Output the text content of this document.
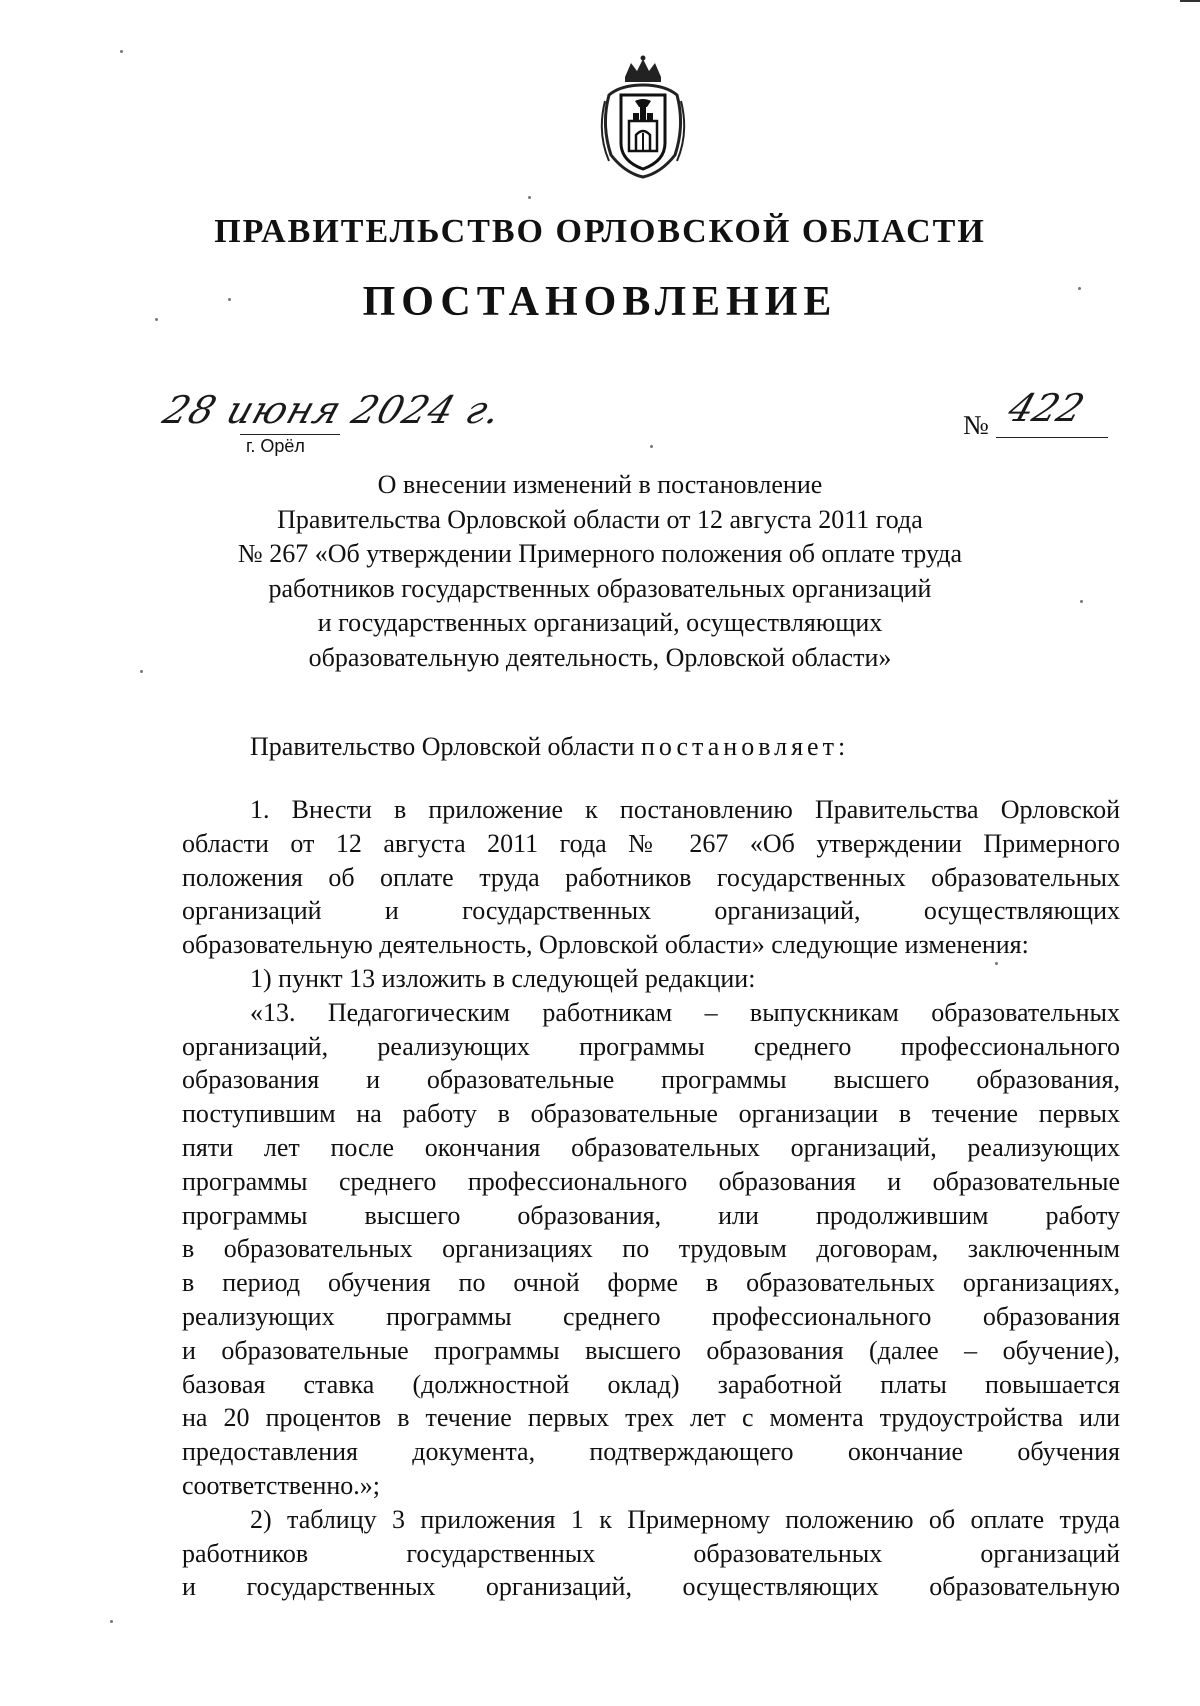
ПРАВИТЕЛЬСТВО ОРЛОВСКОЙ ОБЛАСТИ
ПОСТАНОВЛЕНИЕ
28 июня 2024 г.
г. Орёл
№ 422
О внесении изменений в постановление
Правительства Орловской области от 12 августа 2011 года
№ 267 «Об утверждении Примерного положения об оплате труда
работников государственных образовательных организаций
и государственных организаций, осуществляющих
образовательную деятельность, Орловской области»
Правительство Орловской области постановляет:
1. Внести в приложение к постановлению Правительства Орловской
области от 12 августа 2011 года № 267 «Об утверждении Примерного
положения об оплате труда работников государственных образовательных
организаций и государственных организаций, осуществляющих
образовательную деятельность, Орловской области» следующие изменения:
1) пункт 13 изложить в следующей редакции:
«13. Педагогическим работникам – выпускникам образовательных
организаций, реализующих программы среднего профессионального
образования и образовательные программы высшего образования,
поступившим на работу в образовательные организации в течение первых
пяти лет после окончания образовательных организаций, реализующих
программы среднего профессионального образования и образовательные
программы высшего образования, или продолжившим работу
в образовательных организациях по трудовым договорам, заключенным
в период обучения по очной форме в образовательных организациях,
реализующих программы среднего профессионального образования
и образовательные программы высшего образования (далее – обучение),
базовая ставка (должностной оклад) заработной платы повышается
на 20 процентов в течение первых трех лет с момента трудоустройства или
предоставления документа, подтверждающего окончание обучения
соответственно.»;
2) таблицу 3 приложения 1 к Примерному положению об оплате труда
работников государственных образовательных организаций
и государственных организаций, осуществляющих образовательную
